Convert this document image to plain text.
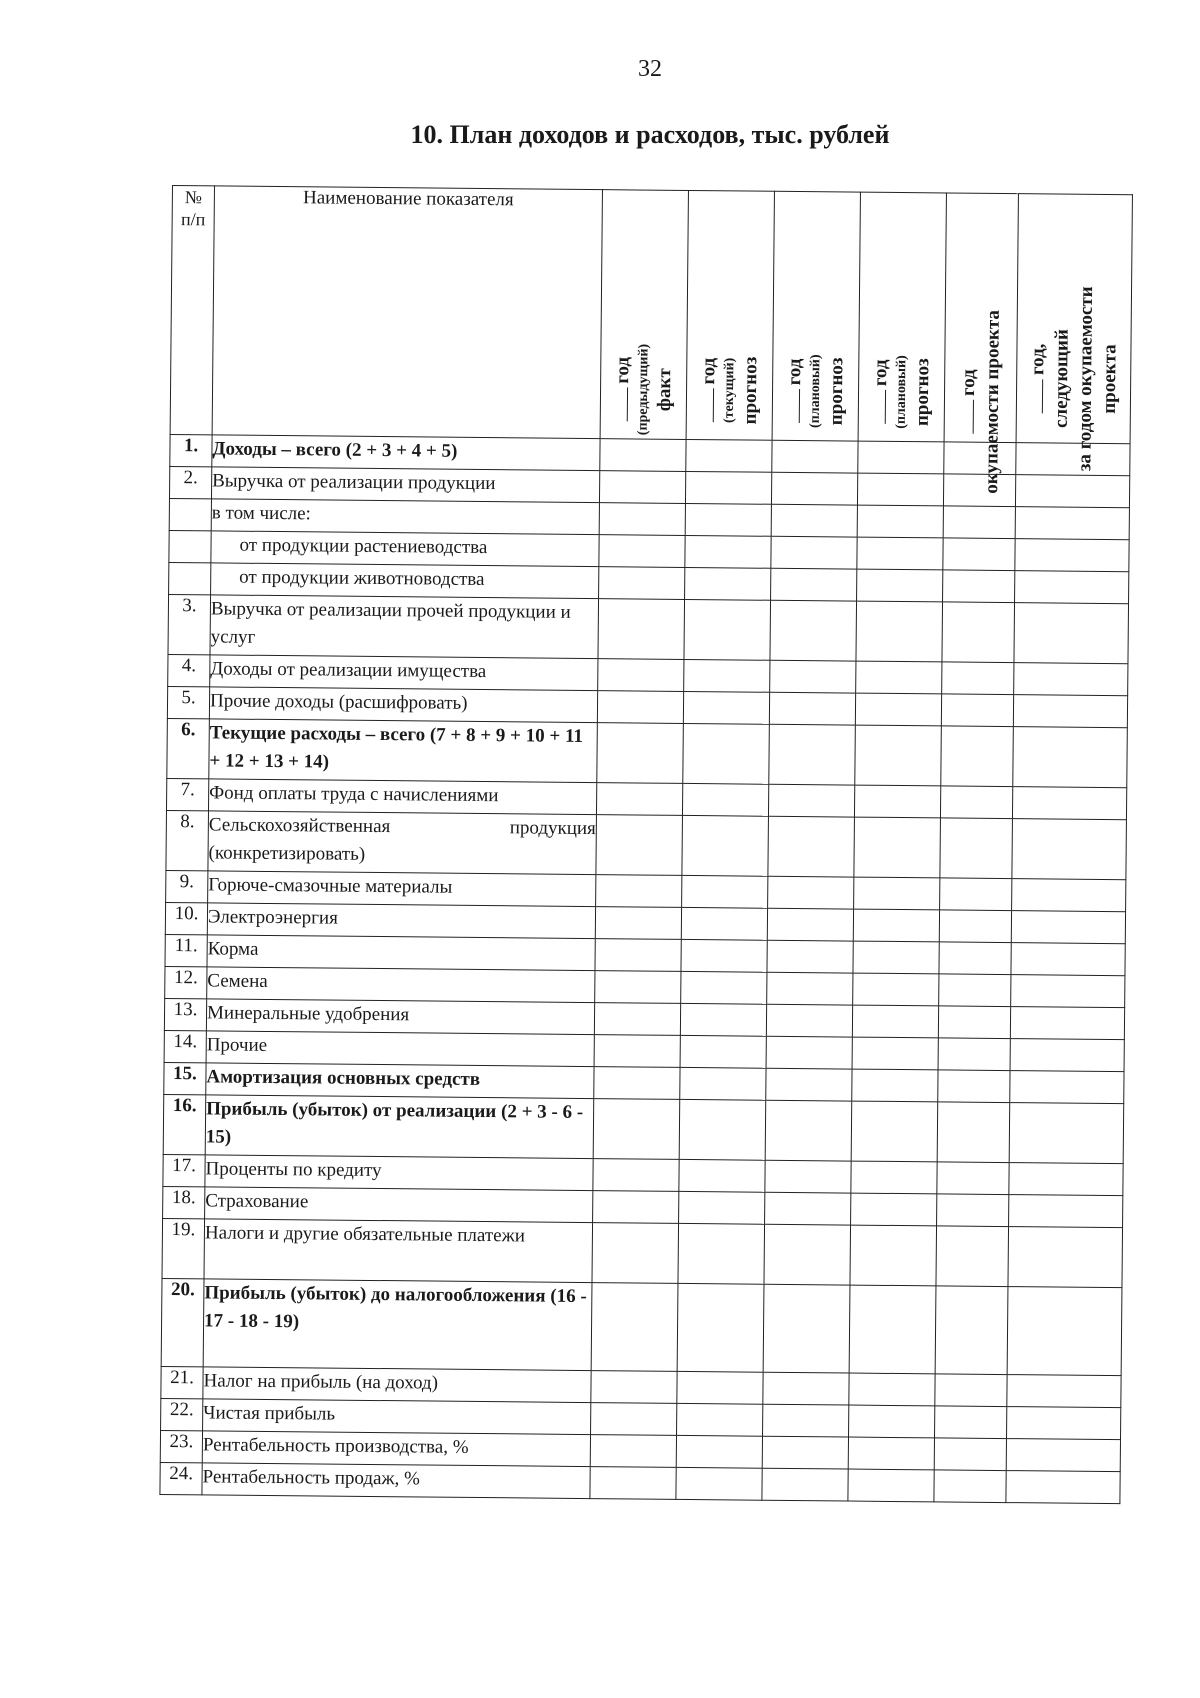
32
10. План доходов и расходов, тыс. рублей
№
п/п	Наименование показателя	год (предыдущий) факт	год (текущий) прогноз	год (плановый) прогноз	год (плановый) прогноз	год окупаемости проекта	год, следующий за годом окупаемости проекта

1.	Доходы – всего (2 + 3 + 4 + 5)						
2.	Выручка от реализации продукции						
	в том числе:						
	от продукции растениеводства						
	от продукции животноводства						
3.	Выручка от реализации прочей продукции и услуг						
4.	Доходы от реализации имущества						
5.	Прочие доходы (расшифровать)						
6.	Текущие расходы – всего (7 + 8 + 9 + 10 + 11 + 12 + 13 + 14)						
7.	Фонд оплаты труда с начислениями						
8.	Сельскохозяйственная продукция (конкретизировать)						
9.	Горюче-смазочные материалы						
10.	Электроэнергия						
11.	Корма						
12.	Семена						
13.	Минеральные удобрения						
14.	Прочие						
15.	Амортизация основных средств						
16.	Прибыль (убыток) от реализации (2 + 3 - 6 - 15)						
17.	Проценты по кредиту						
18.	Страхование						
19.	Налоги и другие обязательные платежи						
20.	Прибыль (убыток) до налогообложения (16 - 17 - 18 - 19)						
21.	Налог на прибыль (на доход)						
22.	Чистая прибыль						
23.	Рентабельность производства, %						
24.	Рентабельность продаж, %						
